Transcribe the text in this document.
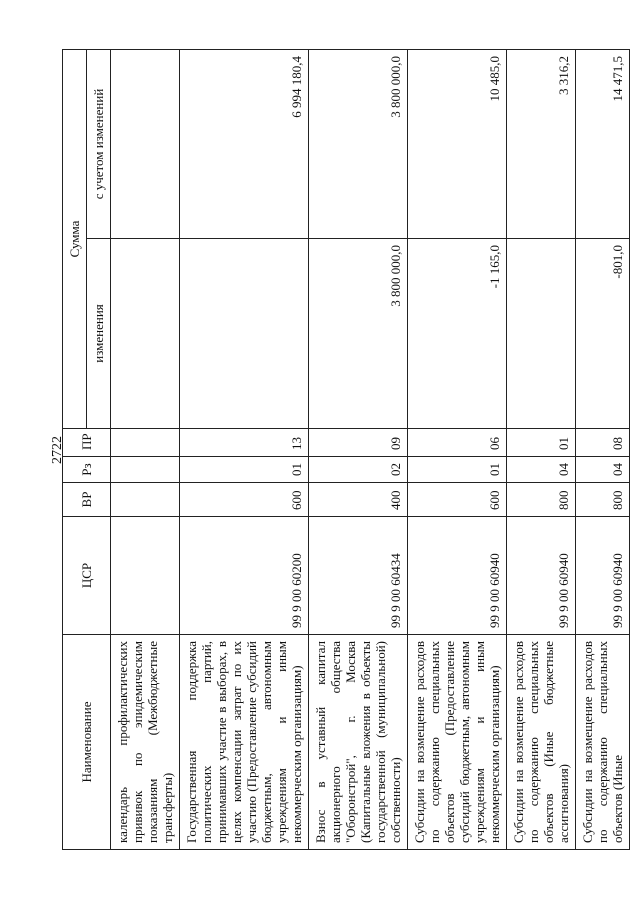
2722
Наименование	ЦСР	ВР	Рз	ПР	Сумма	
					изменения	с учетом изменений
календарь профилактических прививок по эпидемическим показаниям (Межбюджетные трансферты)						
Государственная поддержка политических партий, принимавших участие в выборах, в целях компенсации затрат по их участию (Предоставление субсидий бюджетным, автономным учреждениям и иным некоммерческим организациям)	99 9 00 60200	600	01	13		6 994 180,4
Взнос в уставный капитал акционерного общества "Оборонстрой", г. Москва (Капитальные вложения в объекты государственной (муниципальной) собственности)	99 9 00 60434	400	02	09	3 800 000,0	3 800 000,0
Субсидии на возмещение расходов по содержанию специальных объектов (Предоставление субсидий бюджетным, автономным учреждениям и иным некоммерческим организациям)	99 9 00 60940	600	01	06	-1 165,0	10 485,0
Субсидии на возмещение расходов по содержанию специальных объектов (Иные бюджетные ассигнования)	99 9 00 60940	800	04	01		3 316,2
Субсидии на возмещение расходов по содержанию специальных объектов (Иные	99 9 00 60940	800	04	08	-801,0	14 471,5
